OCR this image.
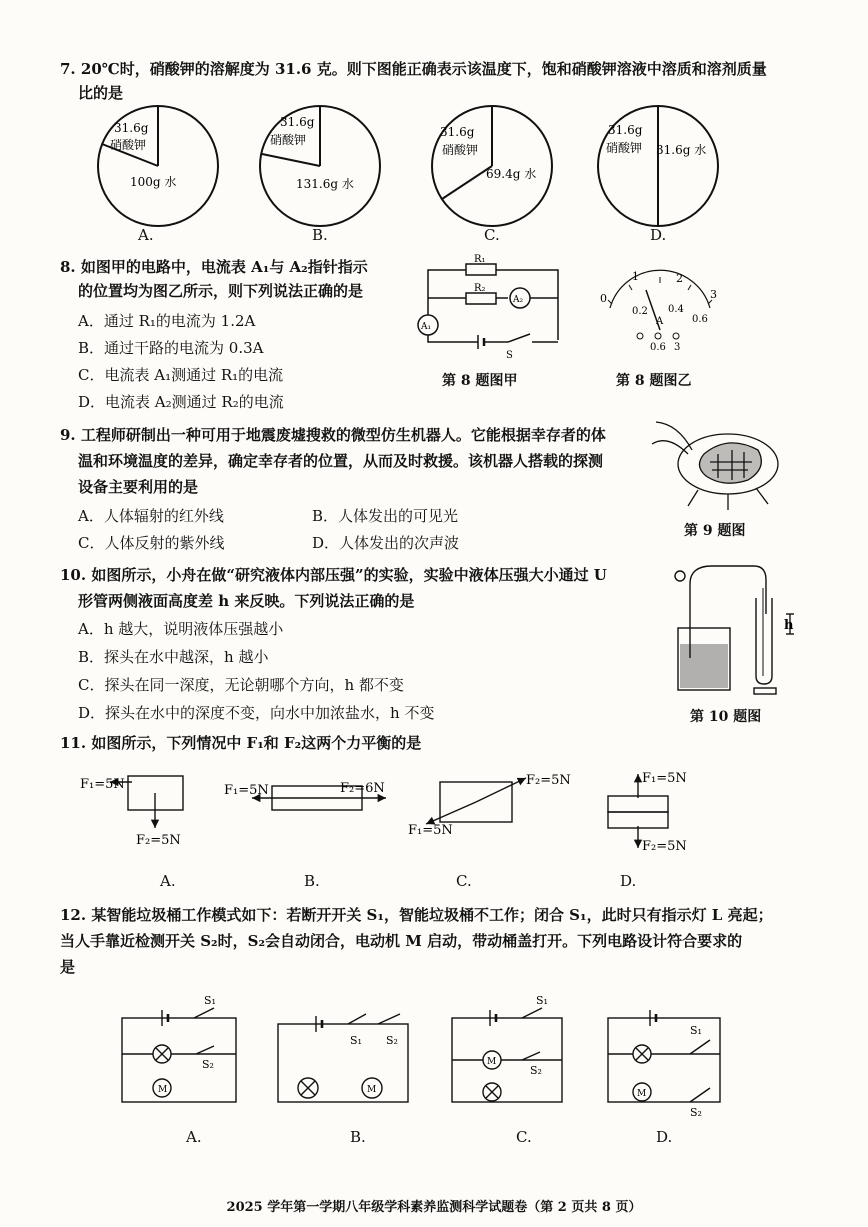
7. 20℃时，硝酸钾的溶解度为 31.6 克。则下图能正确表示该温度下，饱和硝酸钾溶液中溶质和溶剂质量
比的是
31.6g
硝酸钾
100g 水
31.6g
硝酸钾
131.6g 水
31.6g
硝酸钾
69.4g 水
31.6g
硝酸钾 31.6g 水
A.	B.	C.	D.
8. 如图甲的电路中，电流表 A₁与 A₂指针指示
的位置均为图乙所示，则下列说法正确的是
A．通过 R₁的电流为 1.2A
B．通过干路的电流为 0.3A
C．电流表 A₁测通过 R₁的电流
D．电流表 A₂测通过 R₂的电流
R₁
R₂
A₂
A₁
S
0
1	2
3
0.2 0.4
0.6
A
0.6 3
第 8 题图甲	第 8 题图乙
9. 工程师研制出一种可用于地震废墟搜救的微型仿生机器人。它能根据幸存者的体
温和环境温度的差异，确定幸存者的位置，从而及时救援。该机器人搭载的探测
设备主要利用的是
A．人体辐射的红外线	B．人体发出的可见光
C．人体反射的紫外线	D．人体发出的次声波
第 9 题图
10. 如图所示，小舟在做“研究液体内部压强”的实验，实验中液体压强大小通过 U
形管两侧液面高度差 h 来反映。下列说法正确的是
A．h 越大，说明液体压强越小
B．探头在水中越深，h 越小
C．探头在同一深度，无论朝哪个方向，h 都不变
D．探头在水中的深度不变，向水中加浓盐水，h 不变
h
第 10 题图
11. 如图所示，下列情况中 F₁和 F₂这两个力平衡的是
F₁=5N
F₂=5N
F₁=5N	F₂=6N
F₂=5N
F₁=5N
F₁=5N
F₂=5N
A.	B.	C.	D.
12. 某智能垃圾桶工作模式如下：若断开开关 S₁，智能垃圾桶不工作；闭合 S₁，此时只有指示灯 L 亮起；
当人手靠近检测开关 S₂时，S₂会自动闭合，电动机 M 启动，带动桶盖打开。下列电路设计符合要求的
是
S₁
S₂
M
S₁ S₂
M
S₁
S₂
M
S₁
S₂
M
A.	B.	C.	D.
2025 学年第一学期八年级学科素养监测科学试题卷（第 2 页共 8 页）
